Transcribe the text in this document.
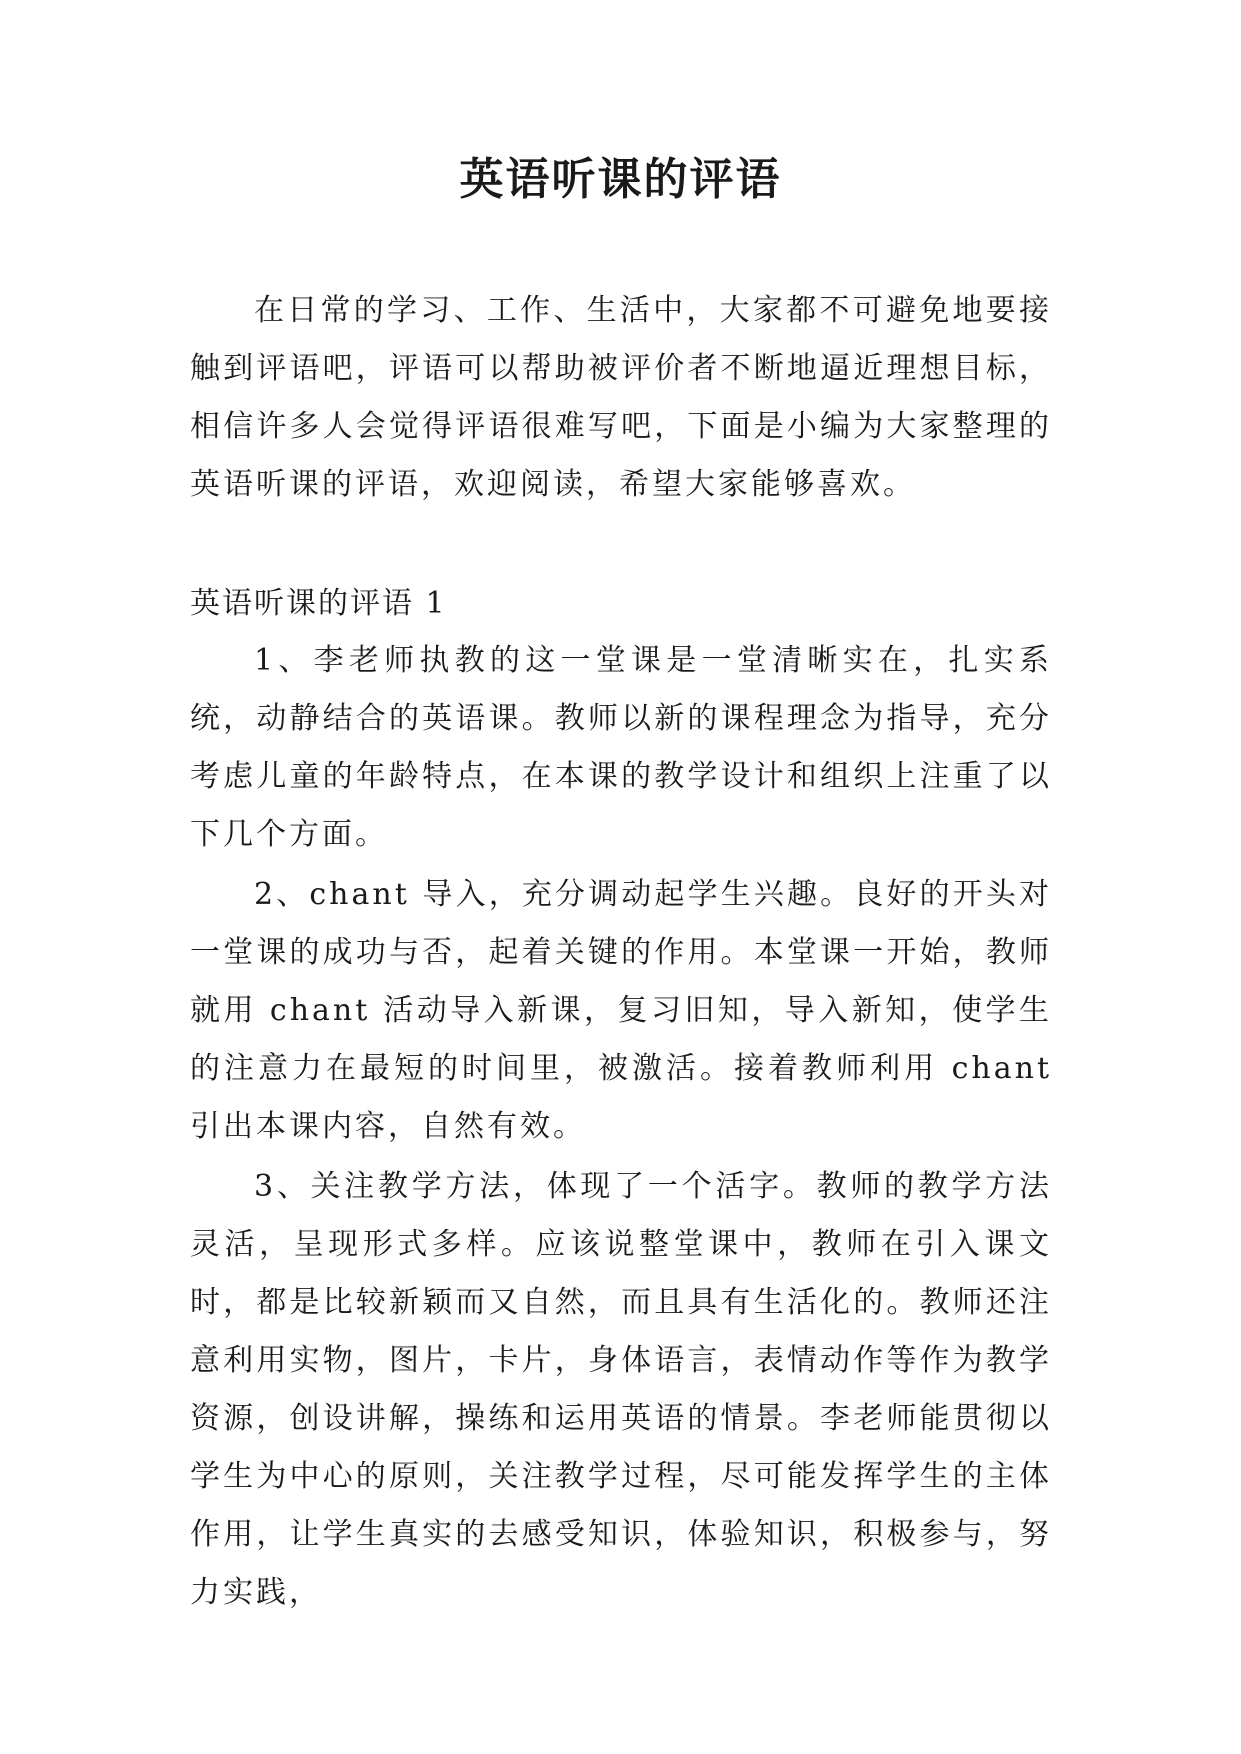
英语听课的评语

在日常的学习、工作、生活中，大家都不可避免地要接触到评语吧，评语可以帮助被评价者不断地逼近理想目标，相信许多人会觉得评语很难写吧，下面是小编为大家整理的英语听课的评语，欢迎阅读，希望大家能够喜欢。

英语听课的评语 1

1、李老师执教的这一堂课是一堂清晰实在，扎实系统，动静结合的英语课。教师以新的课程理念为指导，充分考虑儿童的年龄特点，在本课的教学设计和组织上注重了以下几个方面。

2、chant 导入，充分调动起学生兴趣。良好的开头对一堂课的成功与否，起着关键的作用。本堂课一开始，教师就用 chant 活动导入新课，复习旧知，导入新知，使学生的注意力在最短的时间里，被激活。接着教师利用 chant 引出本课内容，自然有效。

3、关注教学方法，体现了一个活字。教师的教学方法灵活，呈现形式多样。应该说整堂课中，教师在引入课文时，都是比较新颖而又自然，而且具有生活化的。教师还注意利用实物，图片，卡片，身体语言，表情动作等作为教学资源，创设讲解，操练和运用英语的情景。李老师能贯彻以学生为中心的原则，关注教学过程，尽可能发挥学生的主体作用，让学生真实的去感受知识，体验知识，积极参与，努力实践，
